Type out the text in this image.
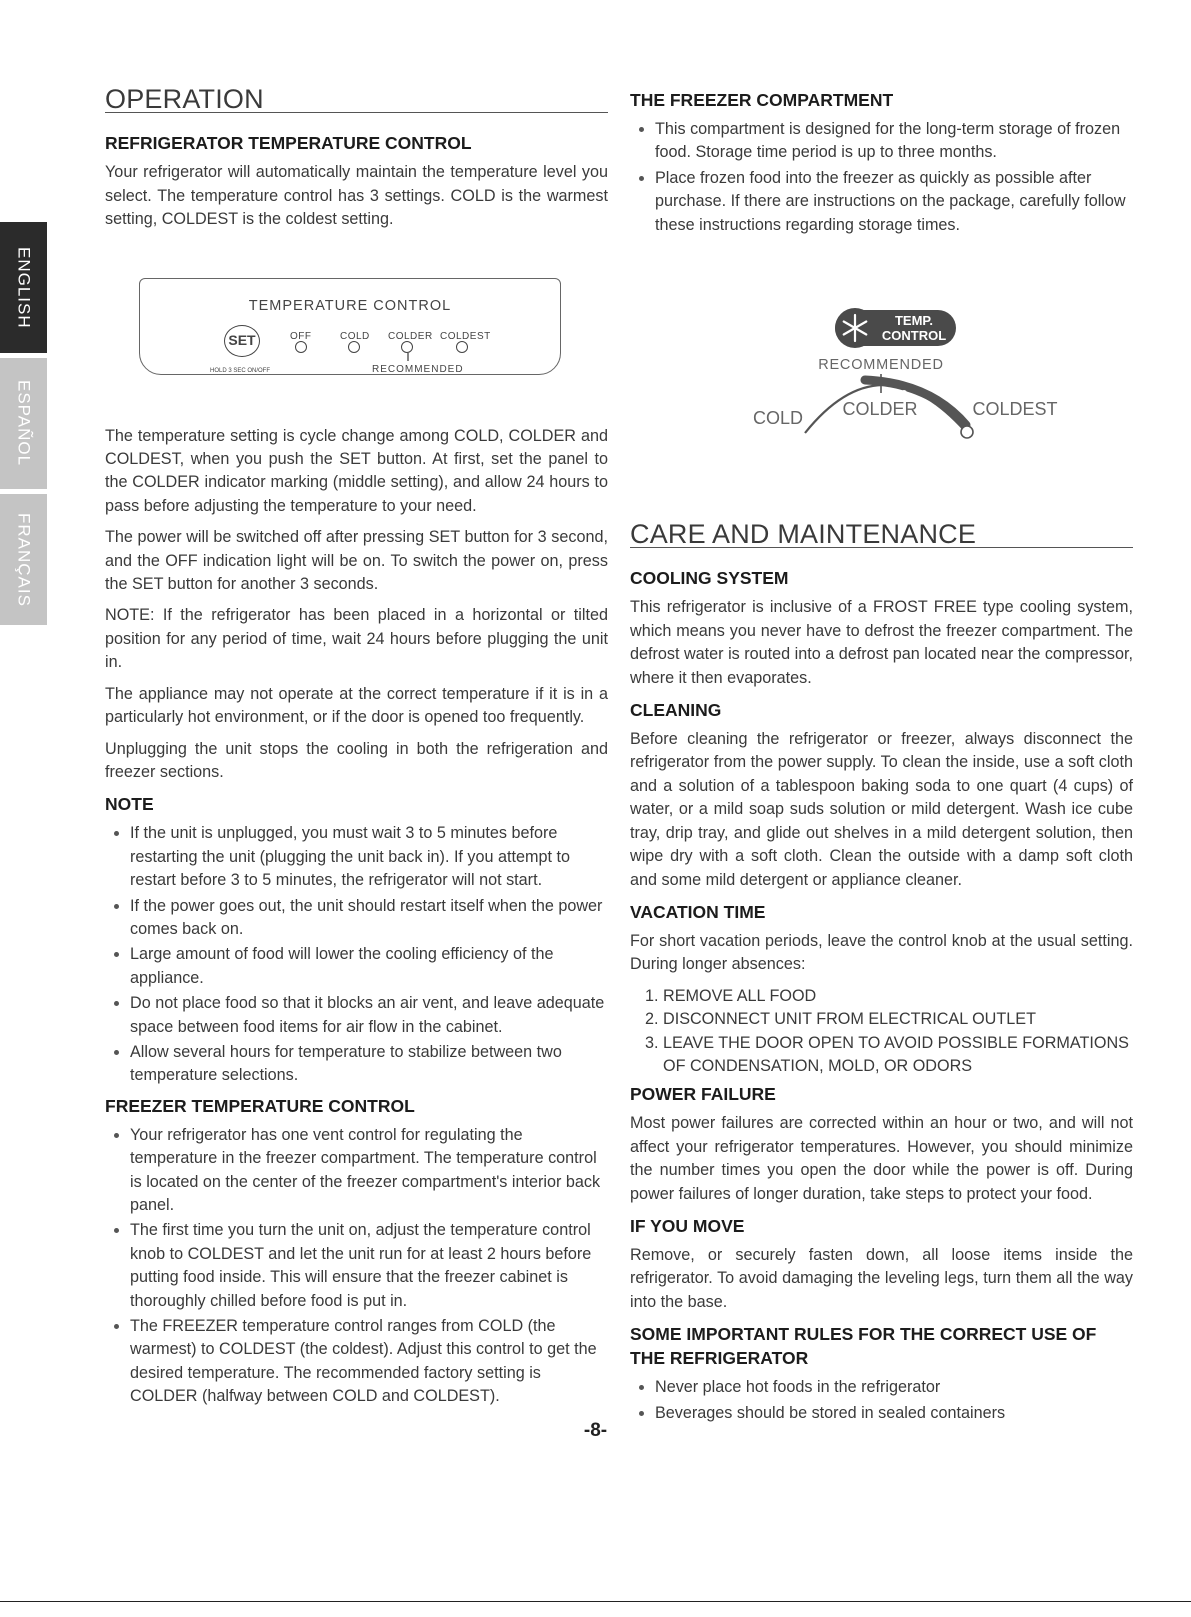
ENGLISH
ESPAÑOL
FRANÇAIS
OPERATION
REFRIGERATOR TEMPERATURE CONTROL

Your refrigerator will automatically maintain the temperature level you select. The temperature control has 3 settings. COLD is the warmest setting, COLDEST is the coldest setting.

TEMPERATURE CONTROL
SET
HOLD 3 SEC ON/OFF
OFF	COLD COLDER COLDEST
RECOMMENDED

The temperature setting is cycle change among COLD, COLDER and COLDEST, when you push the SET button. At first, set the panel to the COLDER indicator marking (middle setting), and allow 24 hours to pass before adjusting the temperature to your need.

The power will be switched off after pressing SET button for 3 second, and the OFF indication light will be on. To switch the power on, press the SET button for another 3 seconds.

NOTE: If the refrigerator has been placed in a horizontal or tilted position for any period of time, wait 24 hours before plugging the unit in.

The appliance may not operate at the correct temperature if it is in a particularly hot environment, or if the door is opened too frequently.

Unplugging the unit stops the cooling in both the refrigeration and freezer sections.

NOTE
• If the unit is unplugged, you must wait 3 to 5 minutes before restarting the unit (plugging the unit back in). If you attempt to restart before 3 to 5 minutes, the refrigerator will not start.
• If the power goes out, the unit should restart itself when the power comes back on.
• Large amount of food will lower the cooling efficiency of the appliance.
• Do not place food so that it blocks an air vent, and leave adequate space between food items for air flow in the cabinet.
• Allow several hours for temperature to stabilize between two temperature selections.
FREEZER TEMPERATURE CONTROL
• Your refrigerator has one vent control for regulating the temperature in the freezer compartment. The temperature control is located on the center of the freezer compartment's interior back panel.
• The first time you turn the unit on, adjust the temperature control knob to COLDEST and let the unit run for at least 2 hours before putting food inside. This will ensure that the freezer cabinet is thoroughly chilled before food is put in.
• The FREEZER temperature control ranges from COLD (the warmest) to COLDEST (the coldest). Adjust this control to get the desired temperature. The recommended factory setting is COLDER (halfway between COLD and COLDEST).
THE FREEZER COMPARTMENT
• This compartment is designed for the long-term storage of frozen food. Storage time period is up to three months.
• Place frozen food into the freezer as quickly as possible after purchase. If there are instructions on the package, carefully follow these instructions regarding storage times.
TEMP.
CONTROL
RECOMMENDED
COLD COLDER	COLDEST
CARE AND MAINTENANCE
COOLING SYSTEM

This refrigerator is inclusive of a FROST FREE type cooling system, which means you never have to defrost the freezer compartment. The defrost water is routed into a defrost pan located near the compressor, where it then evaporates.

CLEANING

Before cleaning the refrigerator or freezer, always disconnect the refrigerator from the power supply. To clean the inside, use a soft cloth and a solution of a tablespoon baking soda to one quart (4 cups) of water, or a mild soap suds solution or mild detergent. Wash ice cube tray, drip tray, and glide out shelves in a mild detergent solution, then wipe dry with a soft cloth. Clean the outside with a damp soft cloth and some mild detergent or appliance cleaner.

VACATION TIME

For short vacation periods, leave the control knob at the usual setting. During longer absences:

1. REMOVE ALL FOOD
2. DISCONNECT UNIT FROM ELECTRICAL OUTLET
3. LEAVE THE DOOR OPEN TO AVOID POSSIBLE FORMATIONS OF CONDENSATION, MOLD, OR ODORS
POWER FAILURE

Most power failures are corrected within an hour or two, and will not affect your refrigerator temperatures. However, you should minimize the number times you open the door while the power is off. During power failures of longer duration, take steps to protect your food.

IF YOU MOVE

Remove, or securely fasten down, all loose items inside the refrigerator. To avoid damaging the leveling legs, turn them all the way into the base.

SOME IMPORTANT RULES FOR THE CORRECT USE OF THE REFRIGERATOR
• Never place hot foods in the refrigerator
• Beverages should be stored in sealed containers
-8-
